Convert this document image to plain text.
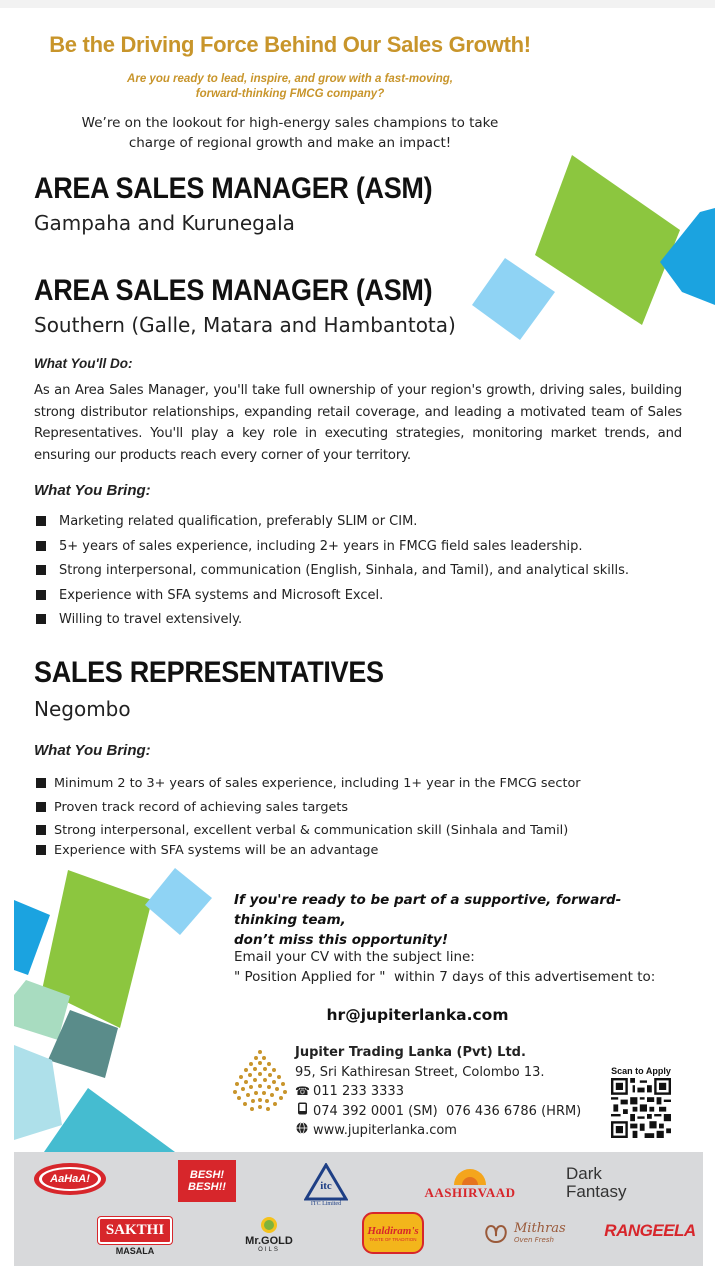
Be the Driving Force Behind Our Sales Growth!
Are you ready to lead, inspire, and grow with a fast-moving,
forward-thinking FMCG company?
We’re on the lookout for high-energy sales champions to take
charge of regional growth and make an impact!
AREA SALES MANAGER (ASM)
Gampaha and Kurunegala
AREA SALES MANAGER (ASM)
Southern (Galle, Matara and Hambantota)
What You'll Do:
As an Area Sales Manager, you'll take full ownership of your region's growth, driving sales, building strong distributor relationships, expanding retail coverage, and leading a motivated team of Sales Representatives. You'll play a key role in executing strategies, monitoring market trends, and ensuring our products reach every corner of your territory.
What You Bring:
Marketing related qualification, preferably SLIM or CIM.
5+ years of sales experience, including 2+ years in FMCG field sales leadership.
Strong interpersonal, communication (English, Sinhala, and Tamil), and analytical skills.
Experience with SFA systems and Microsoft Excel.
Willing to travel extensively.
SALES REPRESENTATIVES
Negombo
What You Bring:
Minimum 2 to 3+ years of sales experience, including 1+ year in the FMCG sector
Proven track record of achieving sales targets
Strong interpersonal, excellent verbal & communication skill (Sinhala and Tamil)
Experience with SFA systems will be an advantage
If you're ready to be part of a supportive, forward-thinking team,
don’t miss this opportunity!
Email your CV with the subject line:
" Position Applied for "  within 7 days of this advertisement to:
hr@jupiterlanka.com
Jupiter Trading Lanka (Pvt) Ltd.
95, Sri Kathiresan Street, Colombo 13.
☎ 011 233 3333
074 392 0001 (SM)  076 436 6786 (HRM)
www.jupiterlanka.com
Scan to Apply
AaHaA!	BESH!
BESH!!	itc
ITC Limited
AASHIRVAAD
Dark
Fantasy
SAKTHI
MASALA
Mr.GOLD
OILS
Haldiram's
TASTE OF TRADITION
Mithras
Oven Fresh	RANGEELA
